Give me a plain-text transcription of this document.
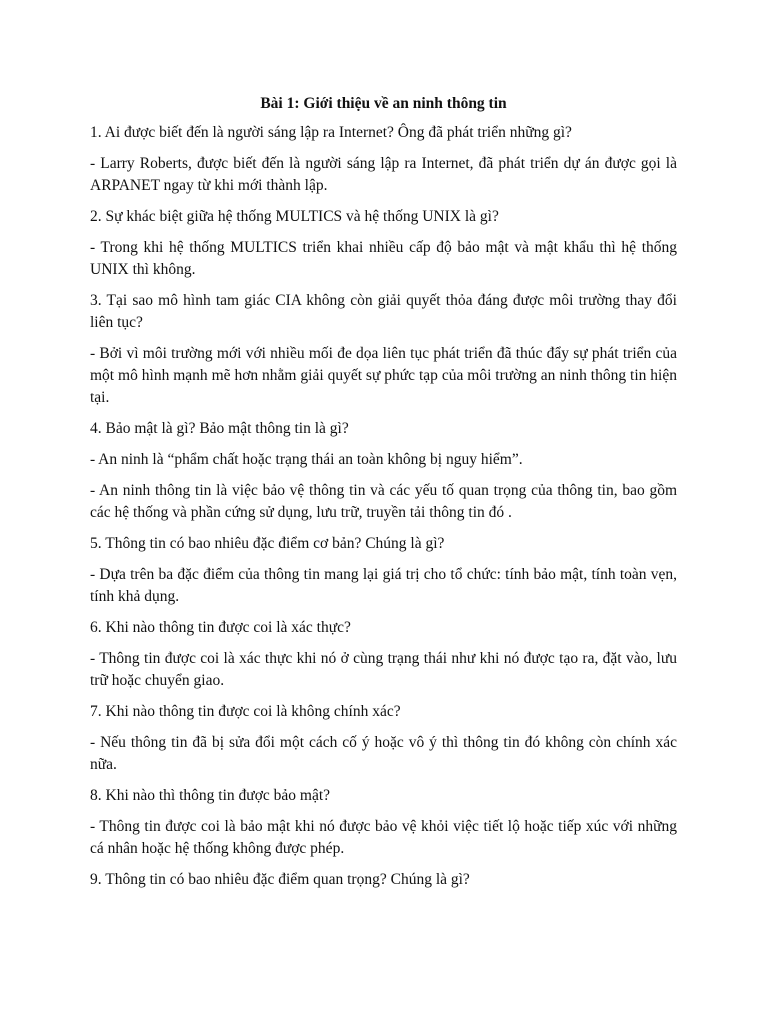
Bài 1: Giới thiệu về an ninh thông tin

1. Ai được biết đến là người sáng lập ra Internet? Ông đã phát triển những gì?

- Larry Roberts, được biết đến là người sáng lập ra Internet, đã phát triển dự án được gọi là ARPANET ngay từ khi mới thành lập.

2. Sự khác biệt giữa hệ thống MULTICS và hệ thống UNIX là gì?

- Trong khi hệ thống MULTICS triển khai nhiều cấp độ bảo mật và mật khẩu thì hệ thống UNIX thì không.

3. Tại sao mô hình tam giác CIA không còn giải quyết thỏa đáng được môi trường thay đổi liên tục?

- Bởi vì môi trường mới với nhiều mối đe dọa liên tục phát triển đã thúc đẩy sự phát triển của một mô hình mạnh mẽ hơn nhằm giải quyết sự phức tạp của môi trường an ninh thông tin hiện tại.

4. Bảo mật là gì? Bảo mật thông tin là gì?

- An ninh là “phẩm chất hoặc trạng thái an toàn không bị nguy hiểm”.

- An ninh thông tin là việc bảo vệ thông tin và các yếu tố quan trọng của thông tin, bao gồm các hệ thống và phần cứng sử dụng, lưu trữ, truyền tải thông tin đó .

5. Thông tin có bao nhiêu đặc điểm cơ bản? Chúng là gì?

- Dựa trên ba đặc điểm của thông tin mang lại giá trị cho tổ chức: tính bảo mật, tính toàn vẹn, tính khả dụng.

6. Khi nào thông tin được coi là xác thực?

- Thông tin được coi là xác thực khi nó ở cùng trạng thái như khi nó được tạo ra, đặt vào, lưu trữ hoặc chuyển giao.

7. Khi nào thông tin được coi là không chính xác?

- Nếu thông tin đã bị sửa đổi một cách cố ý hoặc vô ý thì thông tin đó không còn chính xác nữa.

8. Khi nào thì thông tin được bảo mật?

- Thông tin được coi là bảo mật khi nó được bảo vệ khỏi việc tiết lộ hoặc tiếp xúc với những cá nhân hoặc hệ thống không được phép.

9. Thông tin có bao nhiêu đặc điểm quan trọng? Chúng là gì?
